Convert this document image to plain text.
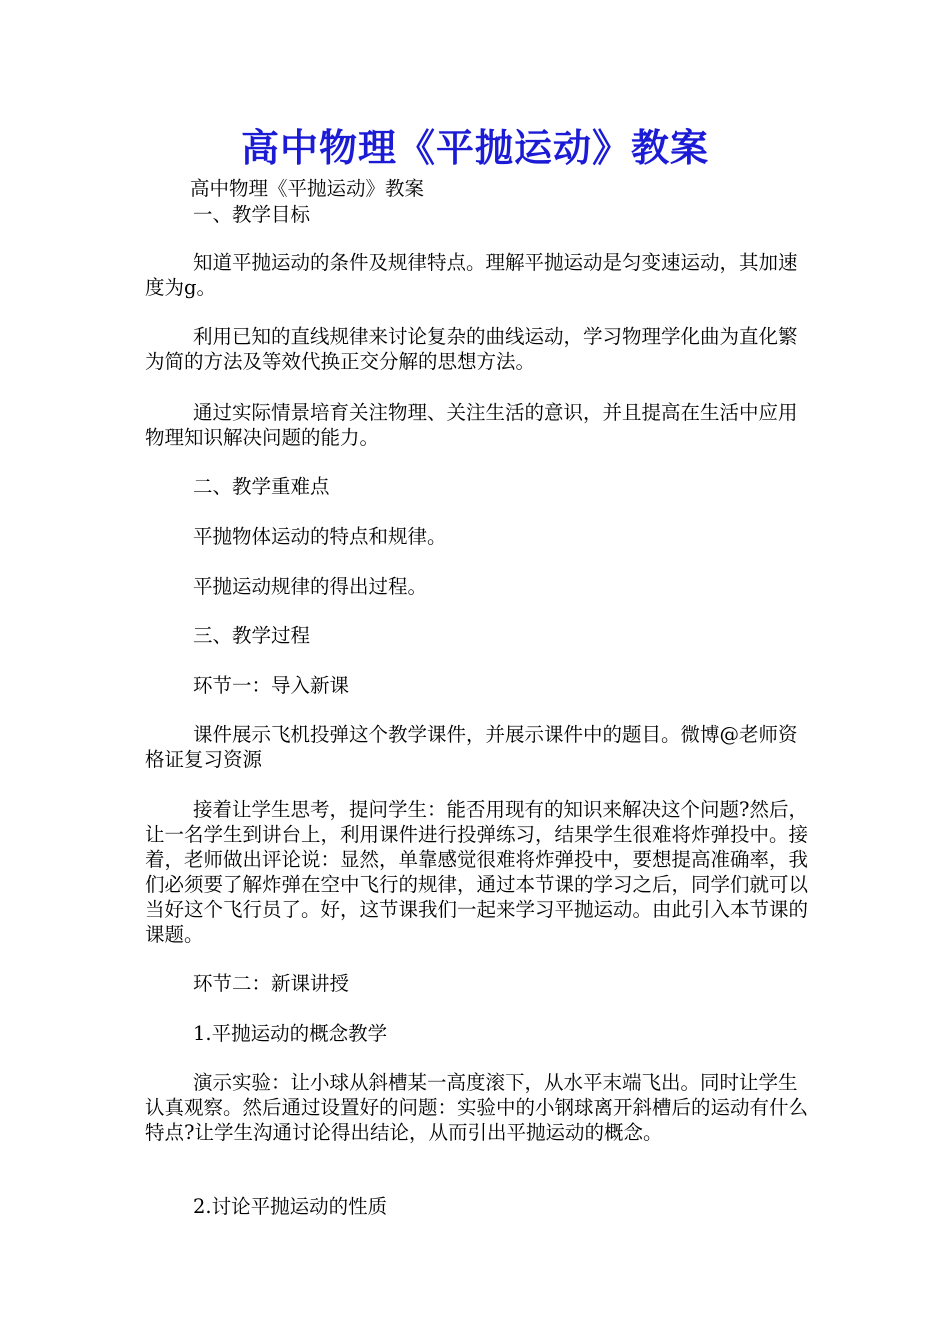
高中物理《平抛运动》教案
高中物理《平抛运动》教案
一、教学目标

知道平抛运动的条件及规律特点。理解平抛运动是匀变速运动，其加速度为g。

利用已知的直线规律来讨论复杂的曲线运动，学习物理学化曲为直化繁为简的方法及等效代换正交分解的思想方法。

通过实际情景培育关注物理、关注生活的意识，并且提高在生活中应用物理知识解决问题的能力。

二、教学重难点
平抛物体运动的特点和规律。
平抛运动规律的得出过程。
三、教学过程
环节一：导入新课

课件展示飞机投弹这个教学课件，并展示课件中的题目。微博@老师资格证复习资源

接着让学生思考，提问学生：能否用现有的知识来解决这个问题?然后，让一名学生到讲台上，利用课件进行投弹练习，结果学生很难将炸弹投中。接着，老师做出评论说：显然，单靠感觉很难将炸弹投中，要想提高准确率，我们必须要了解炸弹在空中飞行的规律，通过本节课的学习之后，同学们就可以当好这个飞行员了。好，这节课我们一起来学习平抛运动。由此引入本节课的课题。

环节二：新课讲授
1.平抛运动的概念教学

演示实验：让小球从斜槽某一高度滚下，从水平末端飞出。同时让学生认真观察。然后通过设置好的问题：实验中的小钢球离开斜槽后的运动有什么特点?让学生沟通讨论得出结论，从而引出平抛运动的概念。

2.讨论平抛运动的性质
